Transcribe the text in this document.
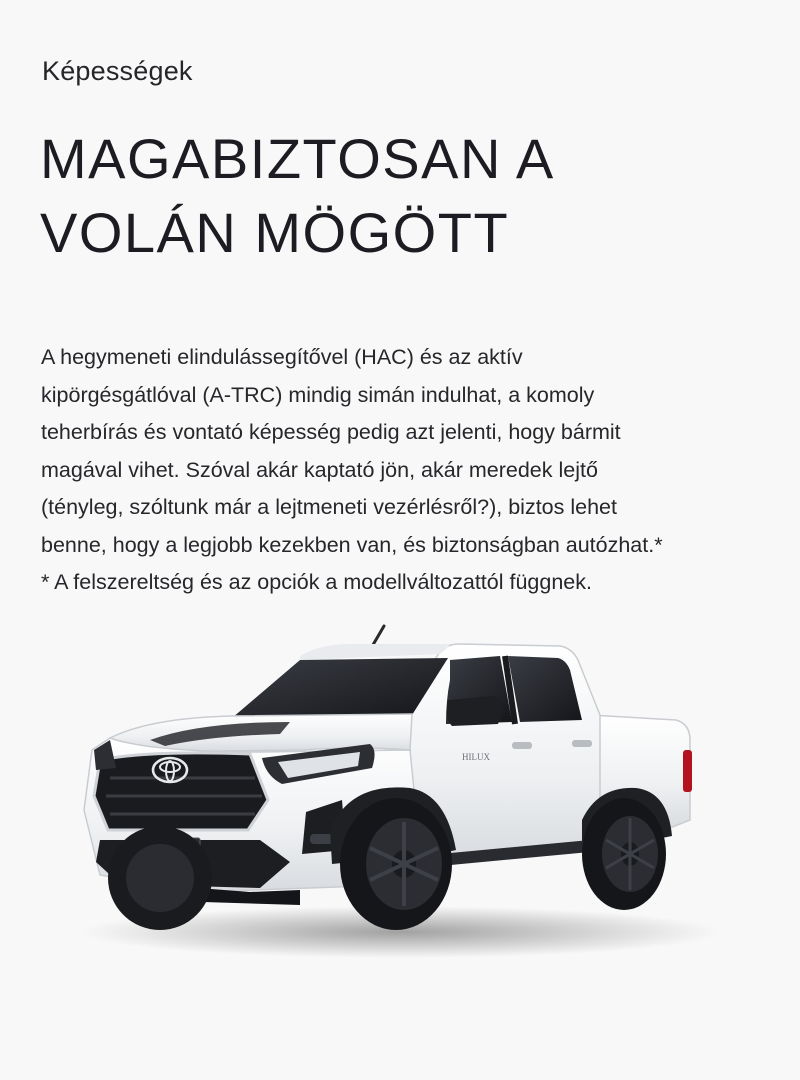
Képességek
MAGABIZTOSAN A
VOLÁN MÖGÖTT
A hegymeneti elindulássegítővel (HAC) és az aktív
kipörgésgátlóval (A-TRC) mindig simán indulhat, a komoly
teherbírás és vontató képesség pedig azt jelenti, hogy bármit
magával vihet. Szóval akár kaptató jön, akár meredek lejtő
(tényleg, szóltunk már a lejtmeneti vezérlésről?), biztos lehet
benne, hogy a legjobb kezekben van, és biztonságban autózhat.*
* A felszereltség és az opciók a modellváltozattól függnek.
HILUX
